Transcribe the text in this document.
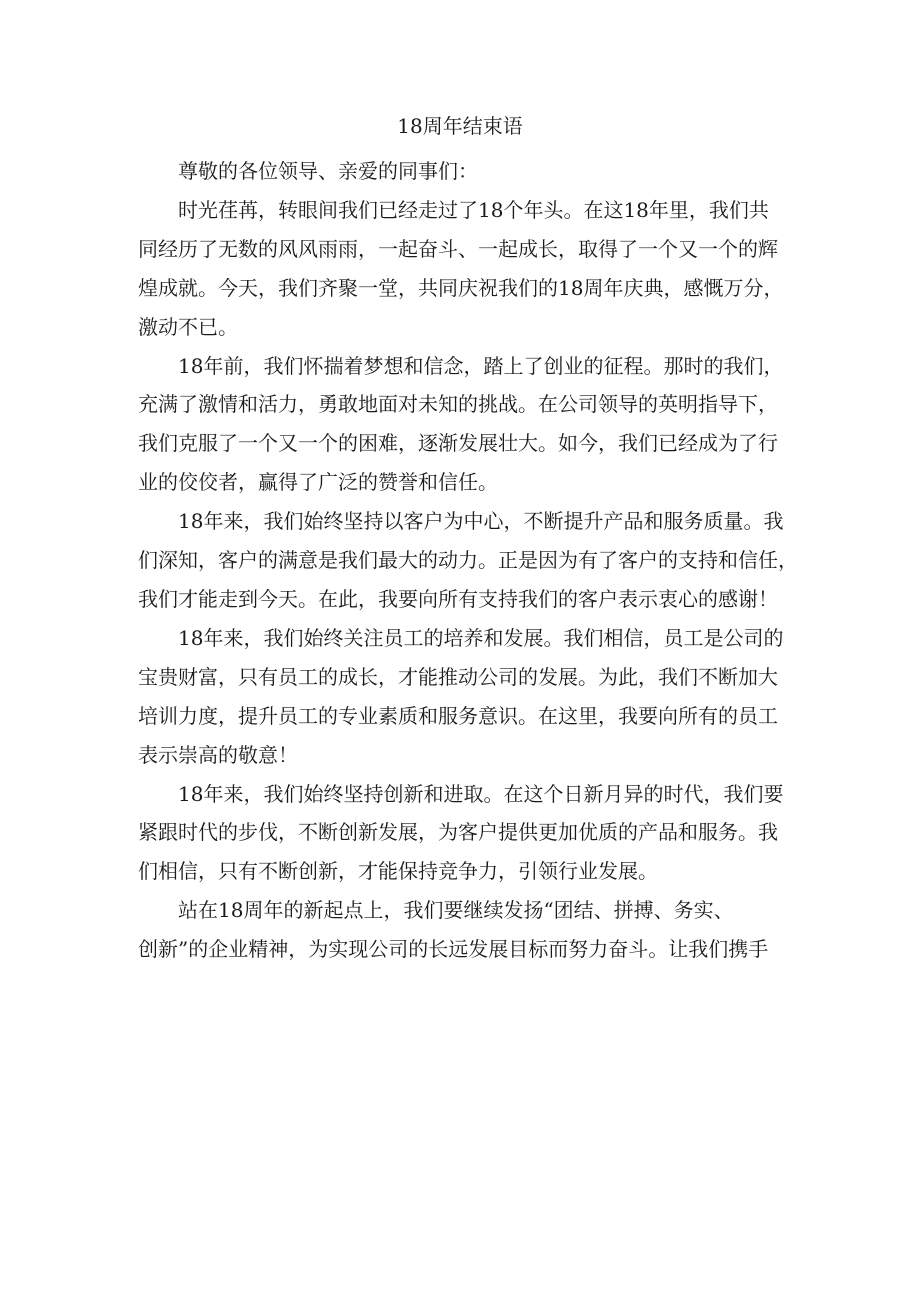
18周年结束语

尊敬的各位领导、亲爱的同事们：

时光荏苒，转眼间我们已经走过了18个年头。在这18年里，我们共
同经历了无数的风风雨雨，一起奋斗、一起成长，取得了一个又一个的辉
煌成就。今天，我们齐聚一堂，共同庆祝我们的18周年庆典，感慨万分，
激动不已。
18年前，我们怀揣着梦想和信念，踏上了创业的征程。那时的我们，
充满了激情和活力，勇敢地面对未知的挑战。在公司领导的英明指导下，
我们克服了一个又一个的困难，逐渐发展壮大。如今，我们已经成为了行
业的佼佼者，赢得了广泛的赞誉和信任。
18年来，我们始终坚持以客户为中心，不断提升产品和服务质量。我
们深知，客户的满意是我们最大的动力。正是因为有了客户的支持和信任，
我们才能走到今天。在此，我要向所有支持我们的客户表示衷心的感谢！
18年来，我们始终关注员工的培养和发展。我们相信，员工是公司的
宝贵财富，只有员工的成长，才能推动公司的发展。为此，我们不断加大
培训力度，提升员工的专业素质和服务意识。在这里，我要向所有的员工
表示崇高的敬意！
18年来，我们始终坚持创新和进取。在这个日新月异的时代，我们要
紧跟时代的步伐，不断创新发展，为客户提供更加优质的产品和服务。我
们相信，只有不断创新，才能保持竞争力，引领行业发展。
站在18周年的新起点上，我们要继续发扬“团结、拼搏、务实、
创新”的企业精神，为实现公司的长远发展目标而努力奋斗。让我们携手
